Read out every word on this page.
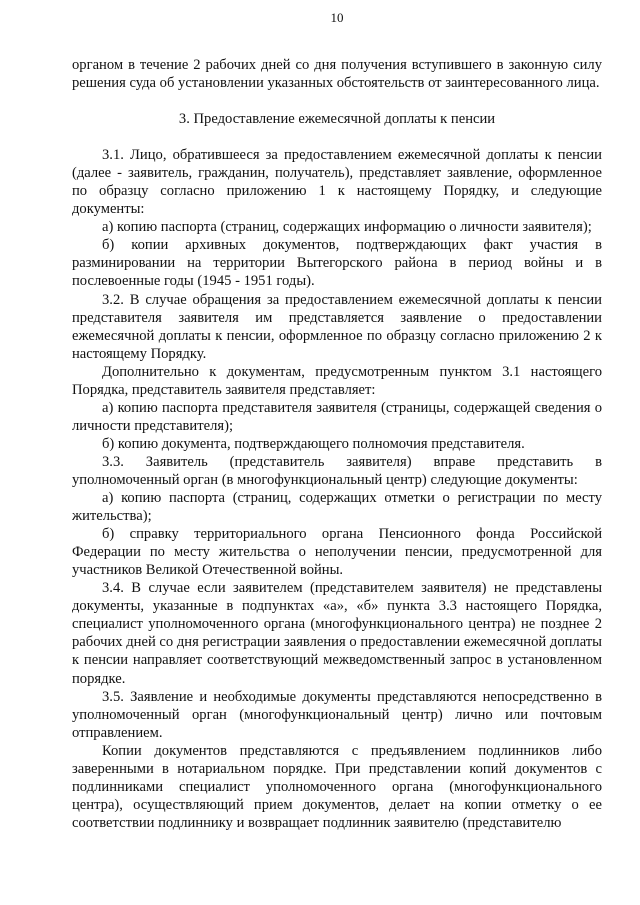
10

органом в течение 2 рабочих дней со дня получения вступившего в законную силу решения суда об установлении указанных обстоятельств от заинтересованного лица.

3. Предоставление ежемесячной доплаты к пенсии

3.1. Лицо, обратившееся за предоставлением ежемесячной доплаты к пенсии (далее - заявитель, гражданин, получатель), представляет заявление, оформленное по образцу согласно приложению 1 к настоящему Порядку, и следующие документы:

а) копию паспорта (страниц, содержащих информацию о личности заявителя);

б) копии архивных документов, подтверждающих факт участия в разминировании на территории Вытегорского района в период войны и в послевоенные годы (1945 - 1951 годы).

3.2. В случае обращения за предоставлением ежемесячной доплаты к пенсии представителя заявителя им представляется заявление о предоставлении ежемесячной доплаты к пенсии, оформленное по образцу согласно приложению 2 к настоящему Порядку.

Дополнительно к документам, предусмотренным пунктом 3.1 настоящего Порядка, представитель заявителя представляет:

а) копию паспорта представителя заявителя (страницы, содержащей сведения о личности представителя);

б) копию документа, подтверждающего полномочия представителя.

3.3. Заявитель (представитель заявителя) вправе представить в уполномоченный орган (в многофункциональный центр) следующие документы:

а) копию паспорта (страниц, содержащих отметки о регистрации по месту жительства);

б) справку территориального органа Пенсионного фонда Российской Федерации по месту жительства о неполучении пенсии, предусмотренной для участников Великой Отечественной войны.

3.4. В случае если заявителем (представителем заявителя) не представлены документы, указанные в подпунктах «а», «б» пункта 3.3 настоящего Порядка, специалист уполномоченного органа (многофункционального центра) не позднее 2 рабочих дней со дня регистрации заявления о предоставлении ежемесячной доплаты к пенсии направляет соответствующий межведомственный запрос в установленном порядке.

3.5. Заявление и необходимые документы представляются непосредственно в уполномоченный орган (многофункциональный центр) лично или почтовым отправлением.

Копии документов представляются с предъявлением подлинников либо заверенными в нотариальном порядке. При представлении копий документов с подлинниками специалист уполномоченного органа (многофункционального центра), осуществляющий прием документов, делает на копии отметку о ее соответствии подлиннику и возвращает подлинник заявителю (представителю
